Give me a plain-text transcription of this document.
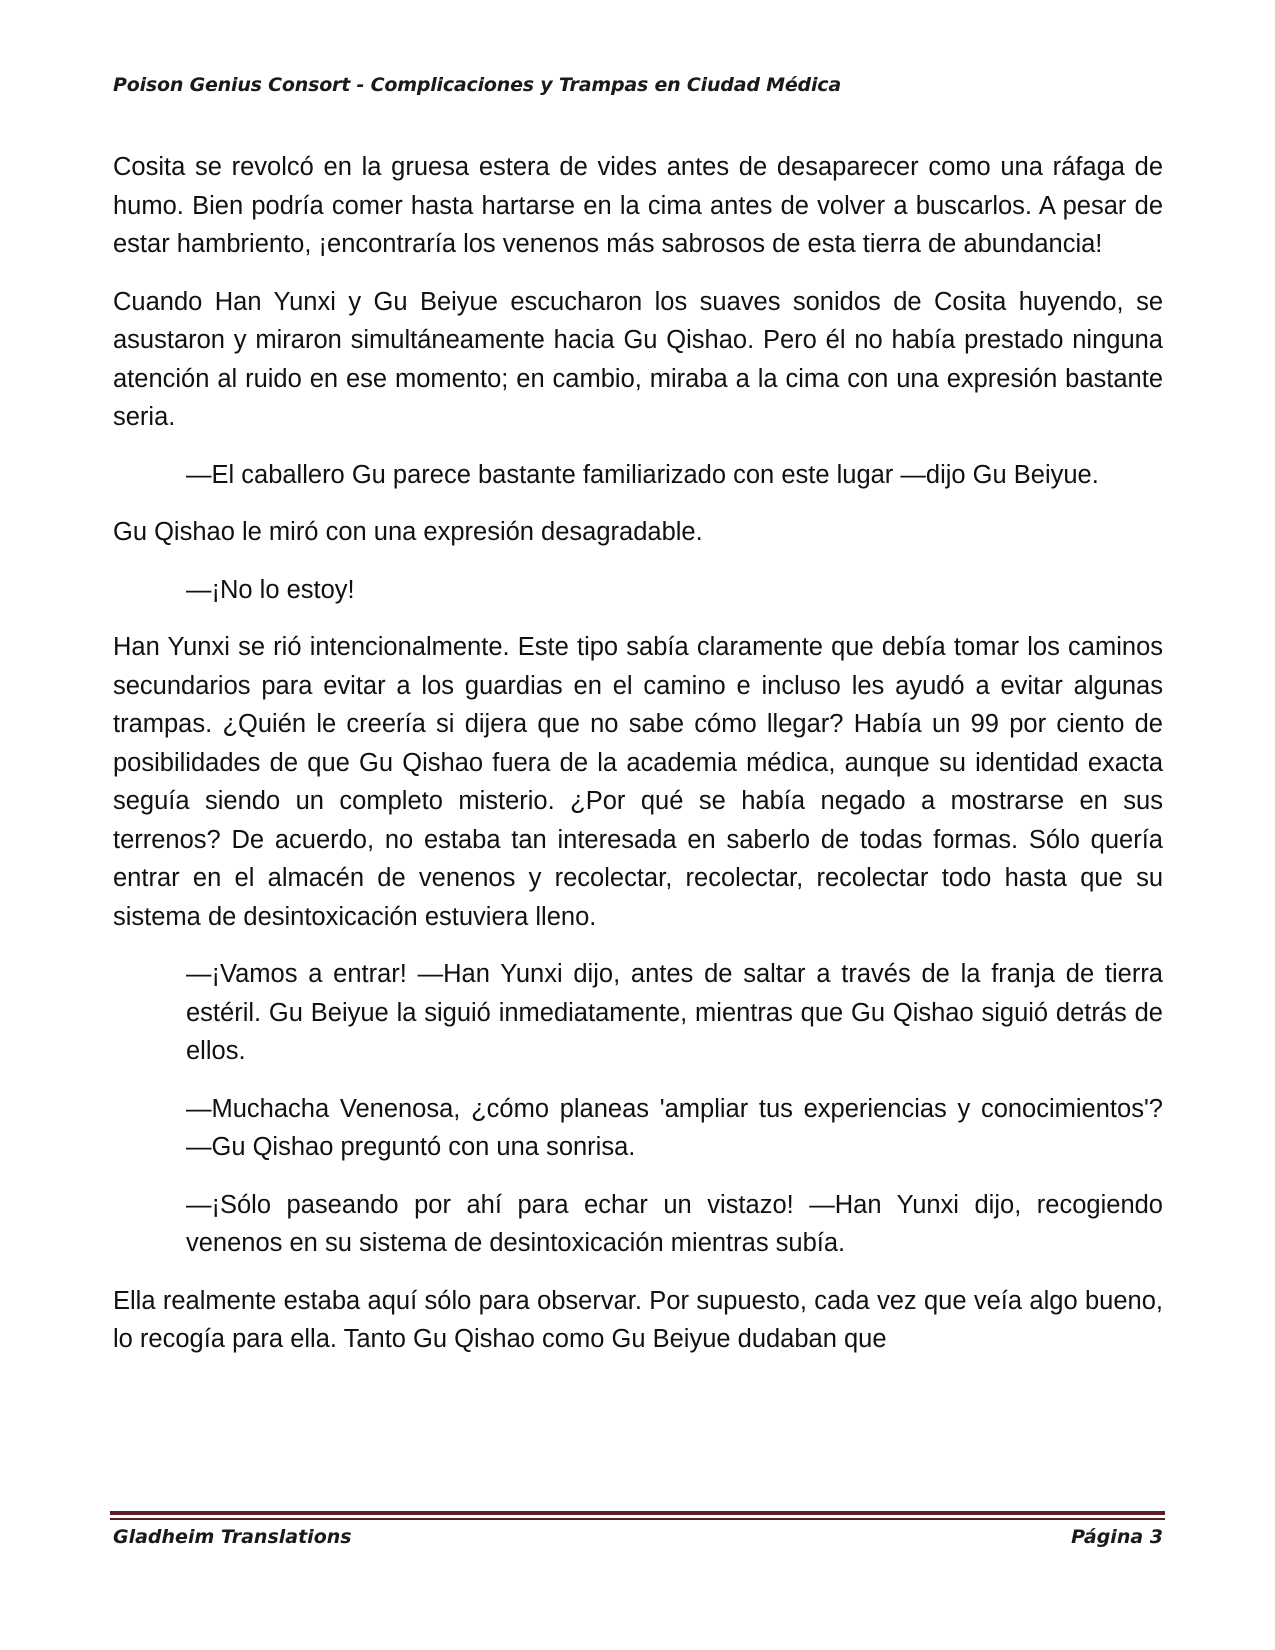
Poison Genius Consort - Complicaciones y Trampas en Ciudad Médica

Cosita se revolcó en la gruesa estera de vides antes de desaparecer como una ráfaga de humo. Bien podría comer hasta hartarse en la cima antes de volver a buscarlos. A pesar de estar hambriento, ¡encontraría los venenos más sabrosos de esta tierra de abundancia!

Cuando Han Yunxi y Gu Beiyue escucharon los suaves sonidos de Cosita huyendo, se asustaron y miraron simultáneamente hacia Gu Qishao. Pero él no había prestado ninguna atención al ruido en ese momento; en cambio, miraba a la cima con una expresión bastante seria.

—El caballero Gu parece bastante familiarizado con este lugar —dijo Gu Beiyue.

Gu Qishao le miró con una expresión desagradable.

—¡No lo estoy!

Han Yunxi se rió intencionalmente. Este tipo sabía claramente que debía tomar los caminos secundarios para evitar a los guardias en el camino e incluso les ayudó a evitar algunas trampas. ¿Quién le creería si dijera que no sabe cómo llegar? Había un 99 por ciento de posibilidades de que Gu Qishao fuera de la academia médica, aunque su identidad exacta seguía siendo un completo misterio. ¿Por qué se había negado a mostrarse en sus terrenos? De acuerdo, no estaba tan interesada en saberlo de todas formas. Sólo quería entrar en el almacén de venenos y recolectar, recolectar, recolectar todo hasta que su sistema de desintoxicación estuviera lleno.

—¡Vamos a entrar! —Han Yunxi dijo, antes de saltar a través de la franja de tierra estéril. Gu Beiyue la siguió inmediatamente, mientras que Gu Qishao siguió detrás de ellos.

—Muchacha Venenosa, ¿cómo planeas 'ampliar tus experiencias y conocimientos'? —Gu Qishao preguntó con una sonrisa.

—¡Sólo paseando por ahí para echar un vistazo! —Han Yunxi dijo, recogiendo venenos en su sistema de desintoxicación mientras subía.

Ella realmente estaba aquí sólo para observar. Por supuesto, cada vez que veía algo bueno, lo recogía para ella. Tanto Gu Qishao como Gu Beiyue dudaban que

Gladheim Translations	Página 3
